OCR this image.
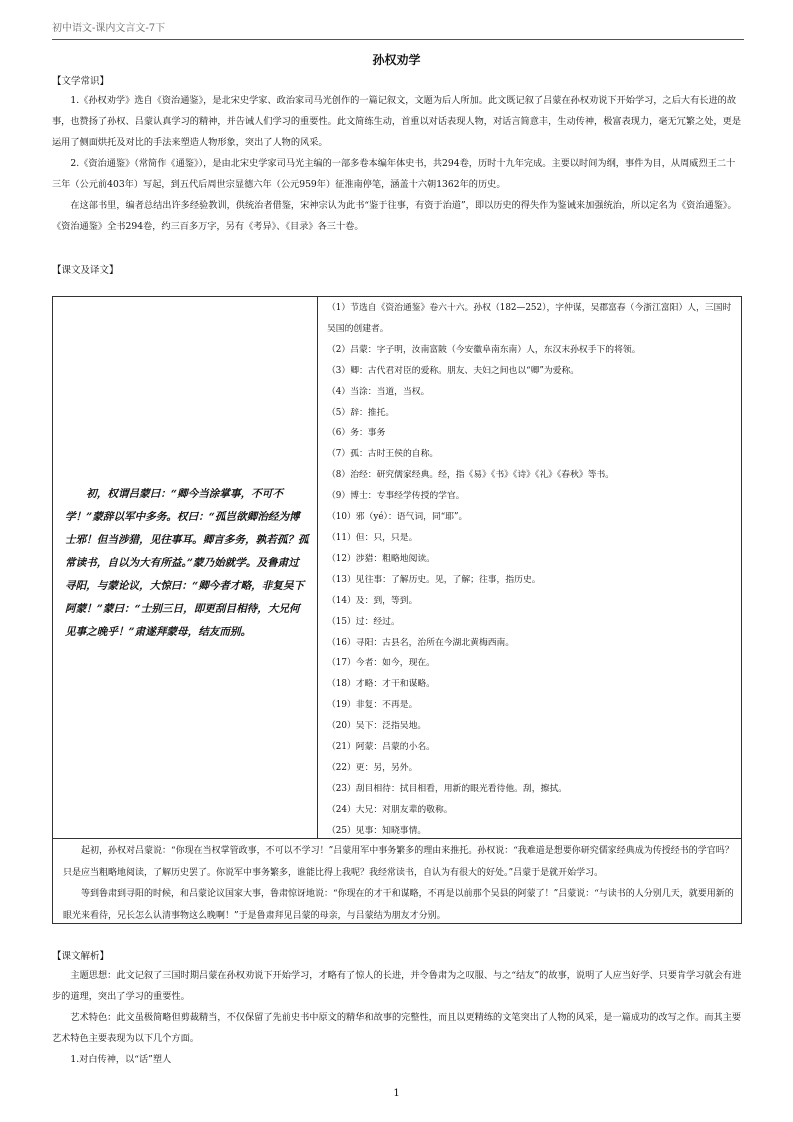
初中语文-课内文言文-7下
孙权劝学
【文学常识】

1.《孙权劝学》选自《资治通鉴》，是北宋史学家、政治家司马光创作的一篇记叙文，文题为后人所加。此文既记叙了吕蒙在孙权劝说下开始学习，之后大有长进的故事，也赞扬了孙权、吕蒙认真学习的精神，并告诫人们学习的重要性。此文简练生动，首重以对话表现人物，对话言简意丰，生动传神，极富表现力，毫无冗繁之处，更是运用了侧面烘托及对比的手法来塑造人物形象，突出了人物的风采。

2.《资治通鉴》（常简作《通鉴》），是由北宋史学家司马光主编的一部多卷本编年体史书，共294卷，历时十九年完成。主要以时间为纲，事件为目，从周威烈王二十三年（公元前403年）写起，到五代后周世宗显德六年（公元959年）征淮南停笔，涵盖十六朝1362年的历史。

在这部书里，编者总结出许多经验教训，供统治者借鉴，宋神宗认为此书“鉴于往事，有资于治道”，即以历史的得失作为鉴诫来加强统治，所以定名为《资治通鉴》。《资治通鉴》全书294卷，约三百多万字，另有《考异》、《目录》各三十卷。

【课文及译文】
初，权谓吕蒙曰：“卿今当涂掌事，不可不学！”蒙辞以军中多务。权曰：“孤岂欲卿治经为博士邪！但当涉猎，见往事耳。卿言多务，孰若孤？孤常读书，自以为大有所益。”蒙乃始就学。及鲁肃过寻阳，与蒙论议，大惊曰：“卿今者才略，非复吴下阿蒙！”蒙曰：“士别三日，即更刮目相待，大兄何见事之晚乎！”肃遂拜蒙母，结友而别。
（1）节选自《资治通鉴》卷六十六。孙权（182—252），字仲谋，吴郡富春（今浙江富阳）人，三国时吴国的创建者。
（2）吕蒙：字子明，汝南富陂（今安徽阜南东南）人，东汉末孙权手下的将领。
（3）卿：古代君对臣的爱称。朋友、夫妇之间也以“卿”为爱称。
（4）当涂：当道，当权。
（5）辞：推托。
（6）务：事务
（7）孤：古时王侯的自称。
（8）治经：研究儒家经典。经，指《易》《书》《诗》《礼》《春秋》等书。
（9）博士：专事经学传授的学官。
（10）邪（yé）：语气词，同“耶”。
（11）但：只，只是。
（12）涉猎：粗略地阅读。
（13）见往事：了解历史。见，了解；往事，指历史。
（14）及：到，等到。
（15）过：经过。
（16）寻阳：古县名，治所在今湖北黄梅西南。
（17）今者：如今，现在。
（18）才略：才干和谋略。
（19）非复：不再是。
（20）吴下：泛指吴地。
（21）阿蒙：吕蒙的小名。
（22）更：另，另外。
（23）刮目相待：拭目相看，用新的眼光看待他。刮，擦拭。
（24）大兄：对朋友辈的敬称。
（25）见事：知晓事情。

起初，孙权对吕蒙说：“你现在当权掌管政事，不可以不学习！”吕蒙用军中事务繁多的理由来推托。孙权说：“我难道是想要你研究儒家经典成为传授经书的学官吗？只是应当粗略地阅读，了解历史罢了。你说军中事务繁多，谁能比得上我呢？我经常读书，自认为有很大的好处。”吕蒙于是就开始学习。

等到鲁肃到寻阳的时候，和吕蒙论议国家大事，鲁肃惊讶地说：“你现在的才干和谋略，不再是以前那个吴县的阿蒙了！”吕蒙说：“与读书的人分别几天，就要用新的眼光来看待，兄长怎么认清事物这么晚啊！”于是鲁肃拜见吕蒙的母亲，与吕蒙结为朋友才分别。

【课文解析】

主题思想：此文记叙了三国时期吕蒙在孙权劝说下开始学习，才略有了惊人的长进，并令鲁肃为之叹服、与之“结友”的故事，说明了人应当好学、只要肯学习就会有进步的道理，突出了学习的重要性。

艺术特色：此文虽极简略但剪裁精当，不仅保留了先前史书中原文的精华和故事的完整性，而且以更精练的文笔突出了人物的风采，是一篇成功的改写之作。而其主要艺术特色主要表现为以下几个方面。

1.对白传神，以“话”塑人

1
